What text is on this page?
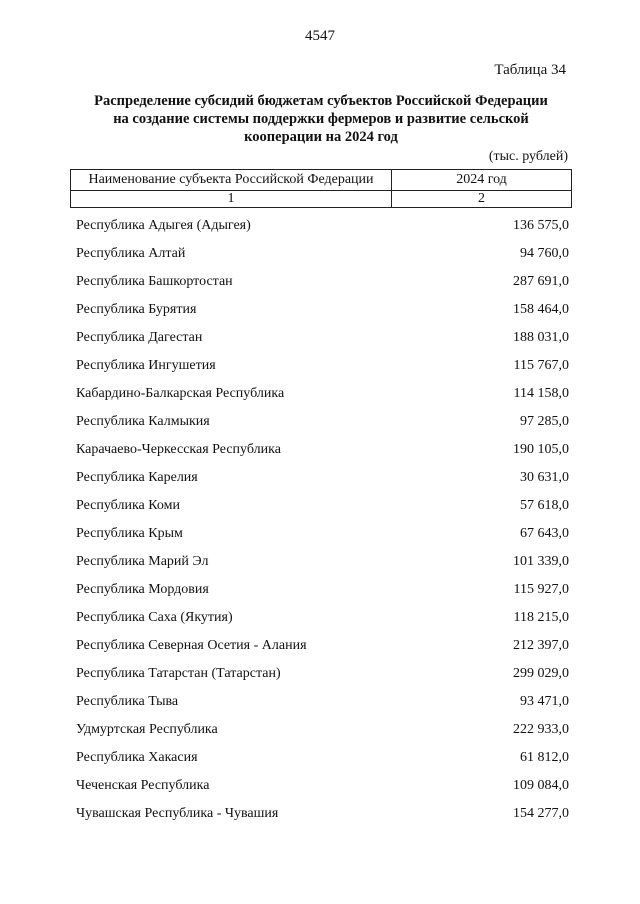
4547
Таблица 34
Распределение субсидий бюджетам субъектов Российской Федерации
на создание системы поддержки фермеров и развитие сельской
кооперации на 2024 год
(тыс. рублей)
Наименование субъекта Российской Федерации	2024 год
1	2
Республика Адыгея (Адыгея)	136 575,0
Республика Алтай	94 760,0
Республика Башкортостан	287 691,0
Республика Бурятия	158 464,0
Республика Дагестан	188 031,0
Республика Ингушетия	115 767,0
Кабардино-Балкарская Республика	114 158,0
Республика Калмыкия	97 285,0
Карачаево-Черкесская Республика	190 105,0
Республика Карелия	30 631,0
Республика Коми	57 618,0
Республика Крым	67 643,0
Республика Марий Эл	101 339,0
Республика Мордовия	115 927,0
Республика Саха (Якутия)	118 215,0
Республика Северная Осетия - Алания	212 397,0
Республика Татарстан (Татарстан)	299 029,0
Республика Тыва	93 471,0
Удмуртская Республика	222 933,0
Республика Хакасия	61 812,0
Чеченская Республика	109 084,0
Чувашская Республика - Чувашия	154 277,0
